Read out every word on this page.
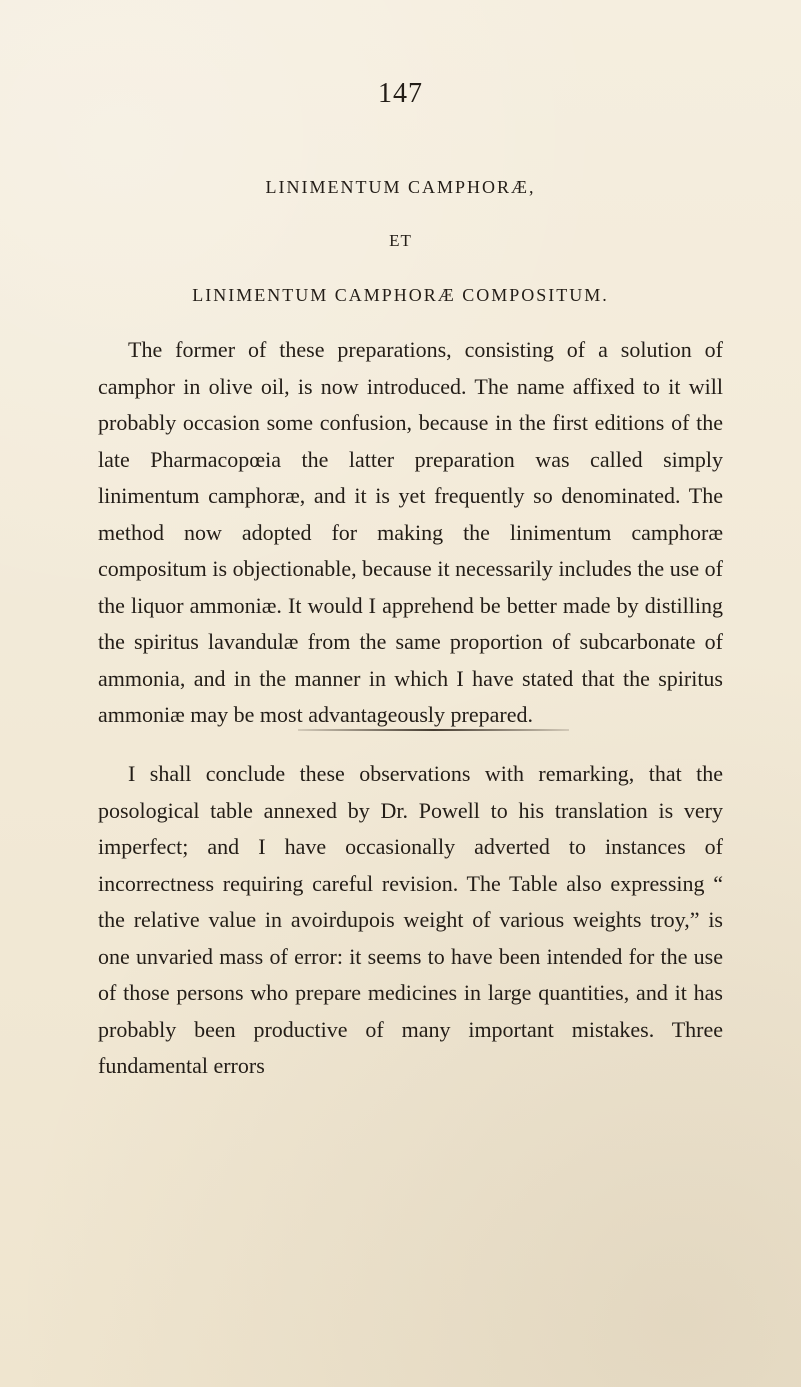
147
LINIMENTUM CAMPHORÆ,
ET
LINIMENTUM CAMPHORÆ COMPOSITUM.
The former of these preparations, consisting of a solution of camphor in olive oil, is now introduced. The name affixed to it will probably occasion some confusion, because in the first editions of the late Pharmacopœia the latter preparation was called simply linimentum camphoræ, and it is yet frequently so denominated. The method now adopted for making the linimentum camphoræ compositum is objectionable, because it necessarily includes the use of the liquor ammoniæ. It would I apprehend be better made by distilling the spiritus lavandulæ from the same proportion of subcarbonate of ammonia, and in the manner in which I have stated that the spiritus ammoniæ may be most advantageously prepared.
I shall conclude these observations with remarking, that the posological table annexed by Dr. Powell to his translation is very imperfect; and I have occasionally adverted to instances of incorrectness requiring careful revision. The Table also expressing “ the relative value in avoirdupois weight of various weights troy,” is one unvaried mass of error: it seems to have been intended for the use of those persons who prepare medicines in large quantities, and it has probably been productive of many important mistakes. Three fundamental errors
